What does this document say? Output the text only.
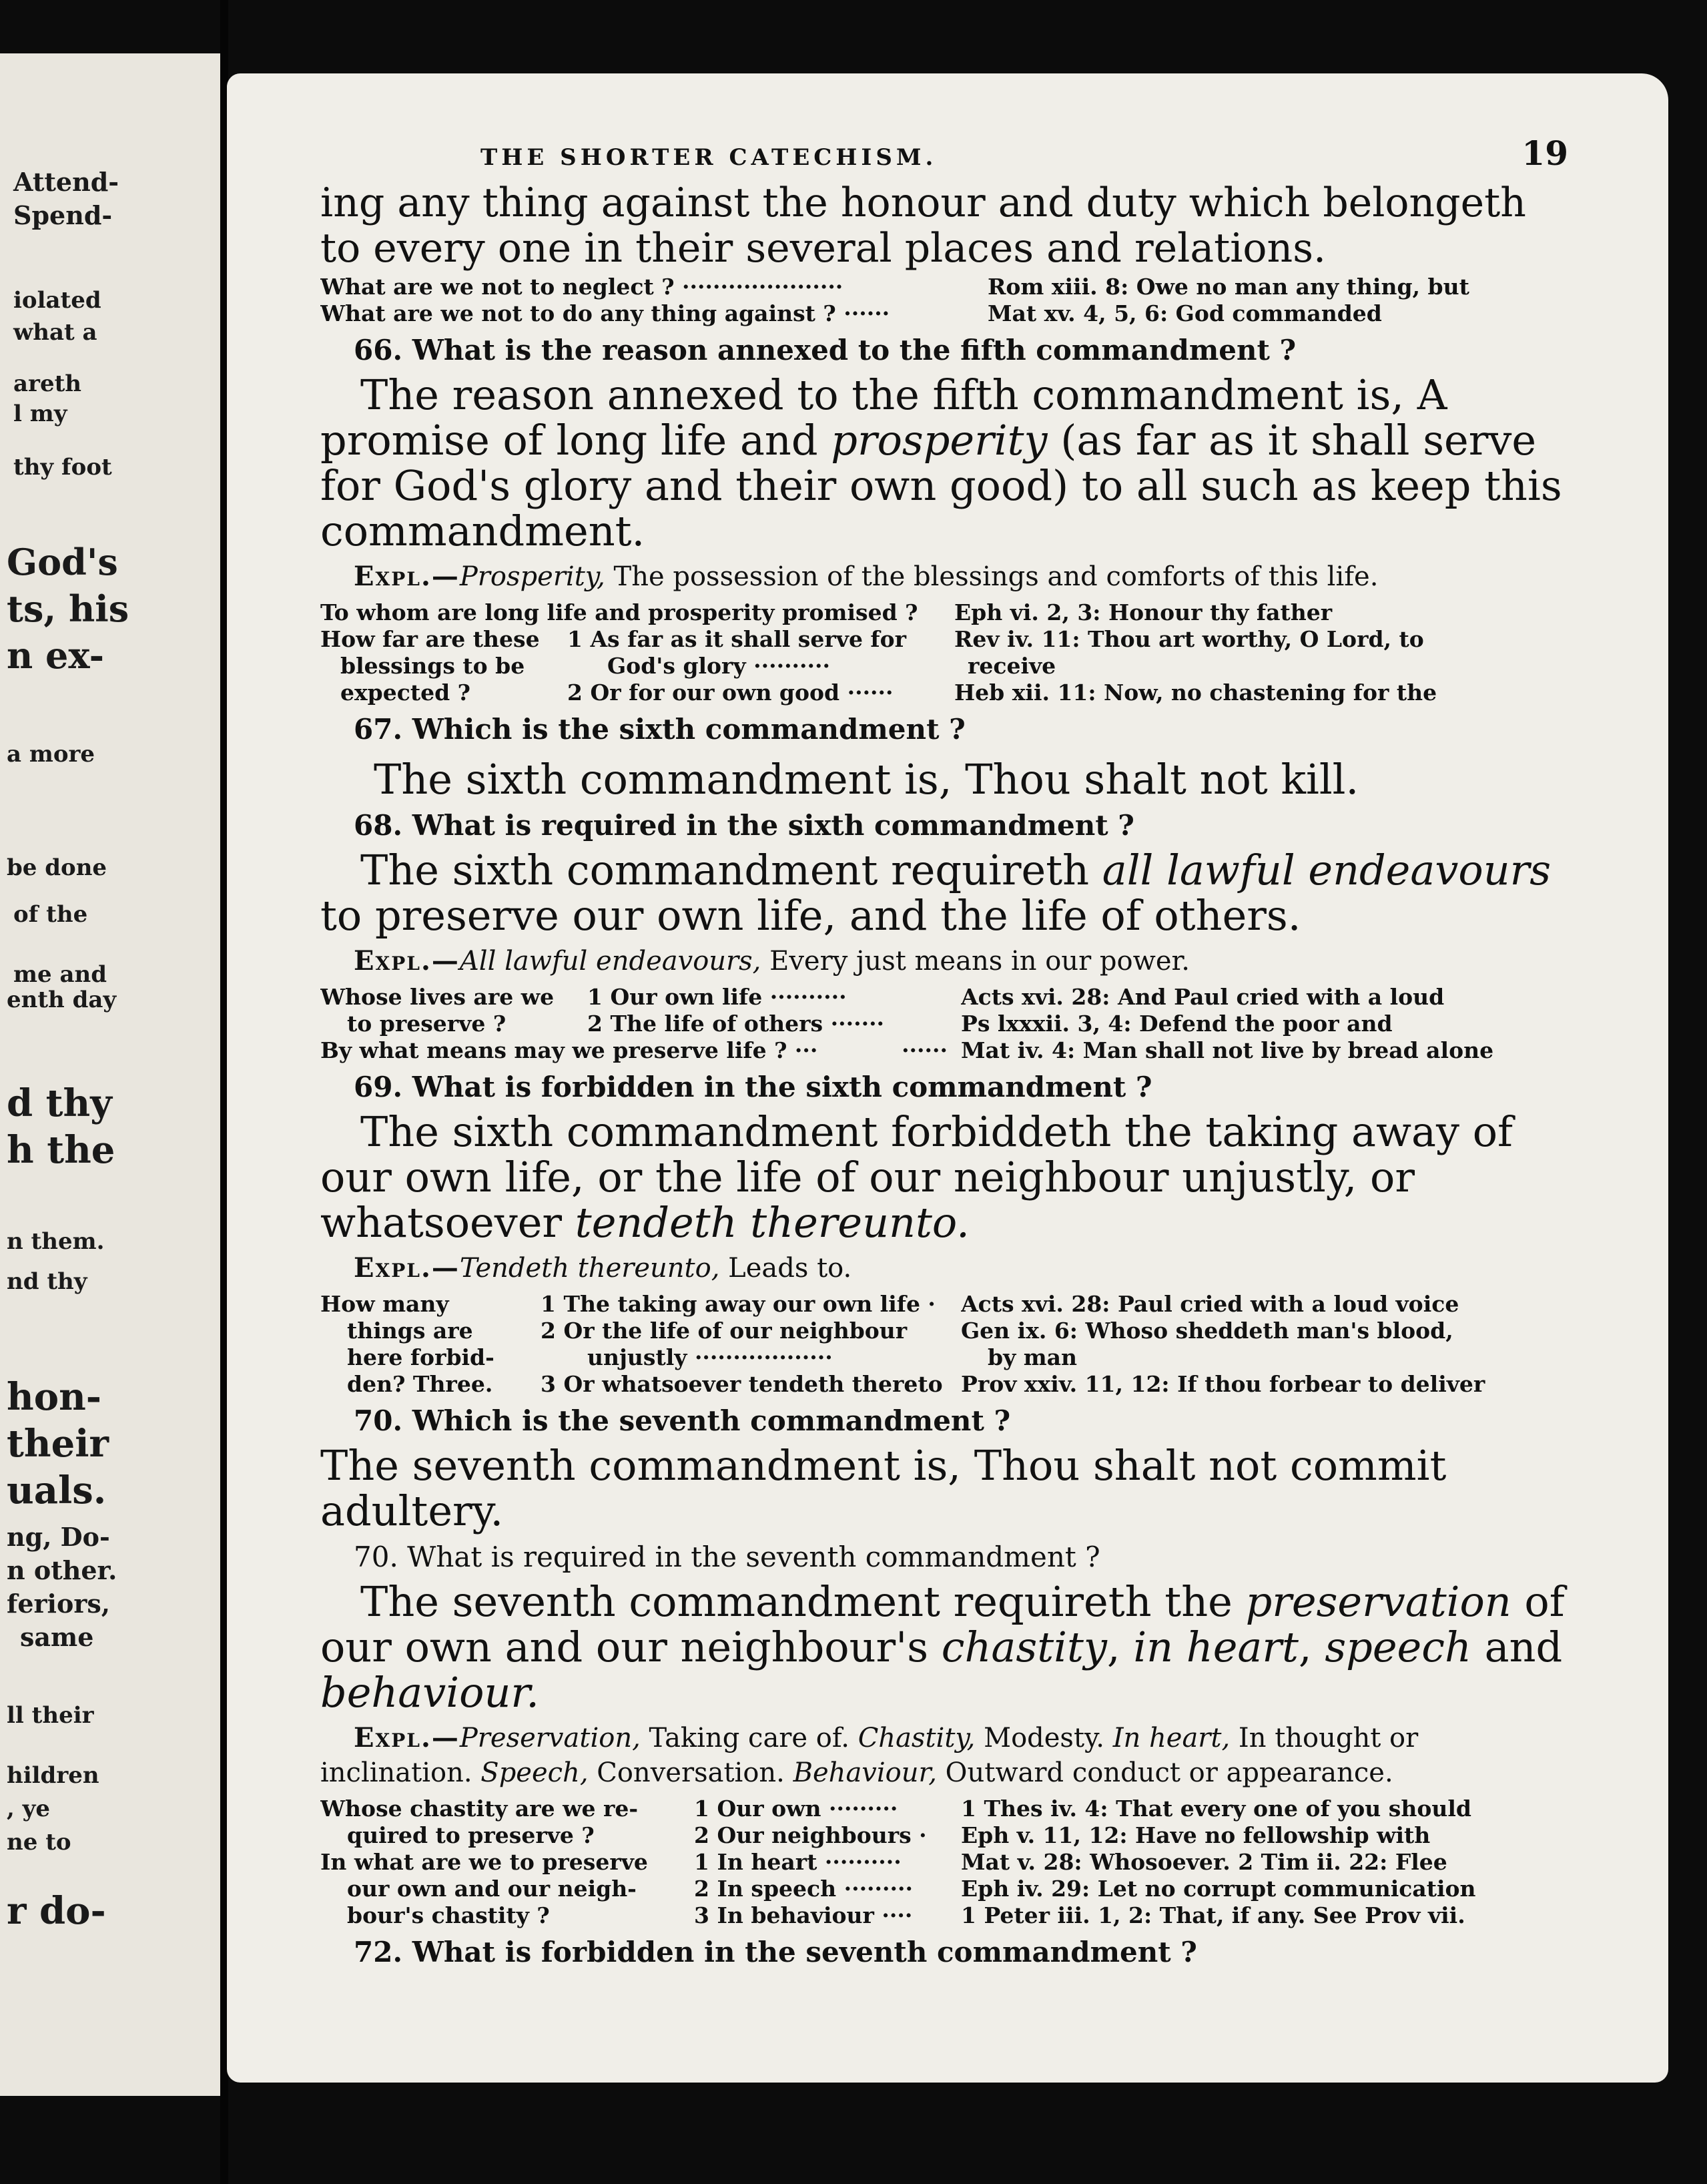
Attend-
Spend-
iolated
what a
areth
l my
thy foot
God's
ts, his
n ex-
a more
be done
of the
me and
enth day
d thy
h the
n them.
nd thy
hon-
their
uals.
ng, Do-
n other.
feriors,
same
ll their
hildren
, ye
ne to
r do-
THE SHORTER CATECHISM.	19

ing any thing against the honour and duty which belongeth

to every one in their several places and relations.

What are we not to neglect ? ·····················	Rom xiii. 8: Owe no man any thing, but
What are we not to do any thing against ? ······	Mat xv. 4, 5, 6: God commanded

66. What is the reason annexed to the fifth commandment ?

The reason annexed to the fifth commandment is, A promise of long life and prosperity (as far as it shall serve for God's glory and their own good) to all such as keep this commandment.

Expl.—Prosperity, The possession of the blessings and comforts of this life.

To whom are long life and prosperity promised ?	Eph vi. 2, 3: Honour thy father
How far are these	1 As far as it shall serve for	Rev iv. 11: Thou art worthy, O Lord, to
blessings to be	God's glory ··········	receive
expected ?	2 Or for our own good ······	Heb xii. 11: Now, no chastening for the

67. Which is the sixth commandment ?

The sixth commandment is, Thou shalt not kill.

68. What is required in the sixth commandment ?

The sixth commandment requireth all lawful endeavours to preserve our own life, and the life of others.

Expl.—All lawful endeavours, Every just means in our power.

Whose lives are we	1 Our own life ··········	Acts xvi. 28: And Paul cried with a loud
to preserve ?	2 The life of others ·······	Ps lxxxii. 3, 4: Defend the poor and
By what means may we preserve life ? ···	······ Mat iv. 4: Man shall not live by bread alone

69. What is forbidden in the sixth commandment ?

The sixth commandment forbiddeth the taking away of our own life, or the life of our neighbour unjustly, or whatsoever tendeth thereunto.

Expl.—Tendeth thereunto, Leads to.

How many	1 The taking away our own life ·	Acts xvi. 28: Paul cried with a loud voice
things are	2 Or the life of our neighbour	Gen ix. 6: Whoso sheddeth man's blood,
here forbid-	unjustly ··················	by man
den? Three.	3 Or whatsoever tendeth thereto Prov xxiv. 11, 12: If thou forbear to deliver

70. Which is the seventh commandment ?

The seventh commandment is, Thou shalt not commit adultery.

70. What is required in the seventh commandment ?

The seventh commandment requireth the preservation of our own and our neighbour's chastity, in heart, speech and behaviour.

Expl.—Preservation, Taking care of. Chastity, Modesty. In heart, In thought or inclination. Speech, Conversation. Behaviour, Outward conduct or appearance.

Whose chastity are we re-	1 Our own ·········	1 Thes iv. 4: That every one of you should
quired to preserve ?	2 Our neighbours ·	Eph v. 11, 12: Have no fellowship with
In what are we to preserve	1 In heart ··········	Mat v. 28: Whosoever. 2 Tim ii. 22: Flee
our own and our neigh-	2 In speech ·········	Eph iv. 29: Let no corrupt communication
bour's chastity ?	3 In behaviour ····	1 Peter iii. 1, 2: That, if any. See Prov vii.

72. What is forbidden in the seventh commandment ?
